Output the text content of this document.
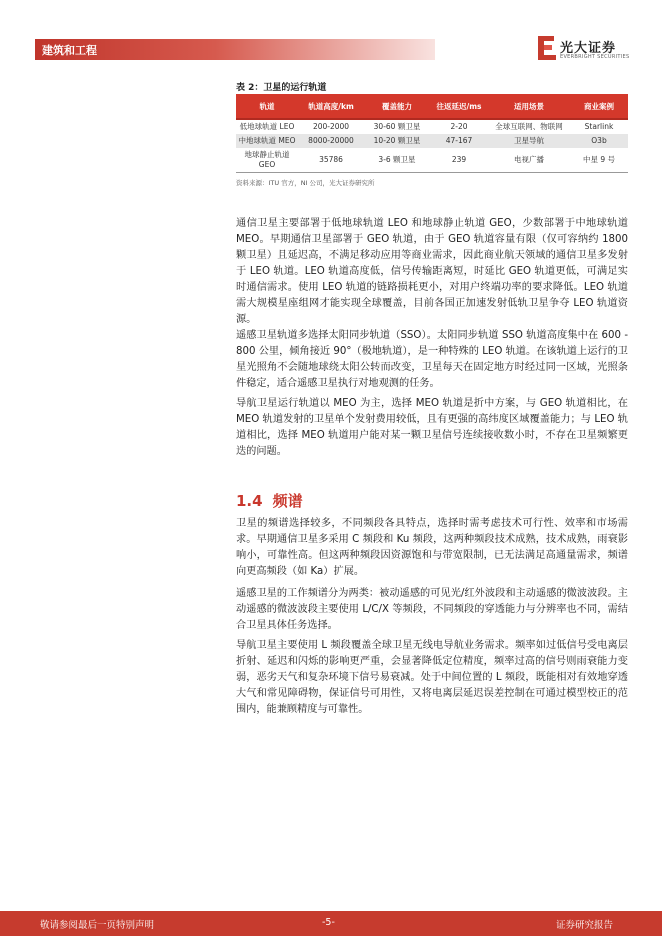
建筑和工程	光大证券
EVERBRIGHT SECURITIES
表 2：卫星的运行轨道
轨道	轨道高度/km	覆盖能力	往返延迟/ms	适用场景	商业案例
低地球轨道 LEO	200-2000	30-60 颗卫星	2-20	全球互联网、物联网	Starlink
中地球轨道 MEO	8000-20000	10-20 颗卫星	47-167	卫星导航	O3b
地球静止轨道 GEO	35786	3-6 颗卫星	239	电视广播	中星 9 号
资料来源：ITU 官方，NI 公司，光大证券研究所

通信卫星主要部署于低地球轨道 LEO 和地球静止轨道 GEO，少数部署于中地球轨道 MEO。早期通信卫星部署于 GEO 轨道，由于 GEO 轨道容量有限（仅可容纳约 1800 颗卫星）且延迟高，不满足移动应用等商业需求，因此商业航天领域的通信卫星多发射于 LEO 轨道。LEO 轨道高度低，信号传输距离短，时延比 GEO 轨道更低，可满足实时通信需求。使用 LEO 轨道的链路损耗更小，对用户终端功率的要求降低。LEO 轨道需大规模星座组网才能实现全球覆盖，目前各国正加速发射低轨卫星争夺 LEO 轨道资源。

遥感卫星轨道多选择太阳同步轨道（SSO）。太阳同步轨道 SSO 轨道高度集中在 600 - 800 公里，倾角接近 90°（极地轨道），是一种特殊的 LEO 轨道。在该轨道上运行的卫星光照角不会随地球绕太阳公转而改变，卫星每天在固定地方时经过同一区域，光照条件稳定，适合遥感卫星执行对地观测的任务。

导航卫星运行轨道以 MEO 为主，选择 MEO 轨道是折中方案，与 GEO 轨道相比，在 MEO 轨道发射的卫星单个发射费用较低，且有更强的高纬度区域覆盖能力；与 LEO 轨道相比，选择 MEO 轨道用户能对某一颗卫星信号连续接收数小时，不存在卫星频繁更迭的问题。

1.4 频谱

卫星的频谱选择较多，不同频段各具特点，选择时需考虑技术可行性、效率和市场需求。早期通信卫星多采用 C 频段和 Ku 频段，这两种频段技术成熟，技术成熟，雨衰影响小，可靠性高。但这两种频段因资源饱和与带宽限制，已无法满足高通量需求，频谱向更高频段（如 Ka）扩展。

遥感卫星的工作频谱分为两类：被动遥感的可见光/红外波段和主动遥感的微波波段。主动遥感的微波波段主要使用 L/C/X 等频段，不同频段的穿透能力与分辨率也不同，需结合卫星具体任务选择。

导航卫星主要使用 L 频段覆盖全球卫星无线电导航业务需求。频率如过低信号受电离层折射、延迟和闪烁的影响更严重，会显著降低定位精度，频率过高的信号则雨衰能力变弱，恶劣天气和复杂环境下信号易衰减。处于中间位置的 L 频段，既能相对有效地穿透大气和常见障碍物，保证信号可用性，又将电离层延迟误差控制在可通过模型校正的范围内，能兼顾精度与可靠性。

敬请参阅最后一页特别声明	-5-	证券研究报告
